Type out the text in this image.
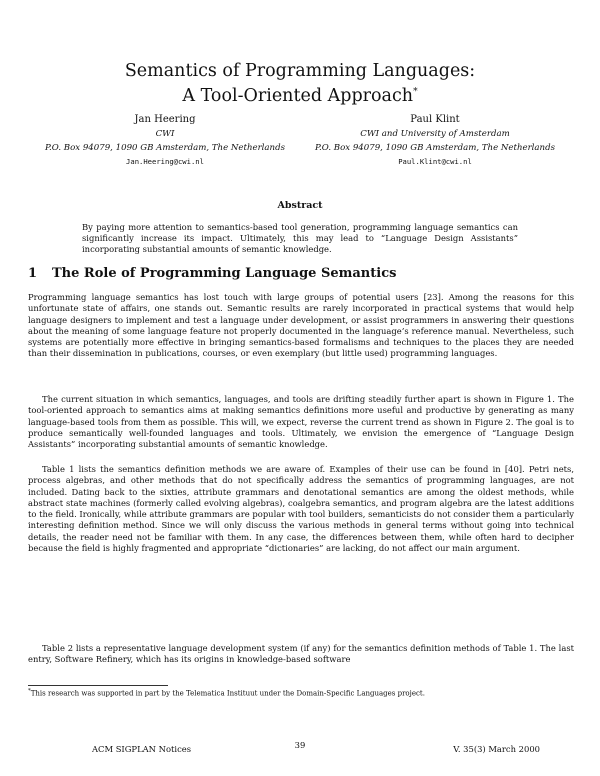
Semantics of Programming Languages:
A Tool-Oriented Approach*
Jan Heering
CWI
P.O. Box 94079, 1090 GB Amsterdam, The Netherlands
Jan.Heering@cwi.nl
Paul Klint
CWI and University of Amsterdam
P.O. Box 94079, 1090 GB Amsterdam, The Netherlands
Paul.Klint@cwi.nl
Abstract

By paying more attention to semantics-based tool generation, programming language semantics can significantly increase its impact. Ultimately, this may lead to “Language Design Assistants” incorporating substantial amounts of semantic knowledge.

1 The Role of Programming Language Semantics

Programming language semantics has lost touch with large groups of potential users [23]. Among the reasons for this unfortunate state of affairs, one stands out. Semantic results are rarely incorporated in practical systems that would help language designers to implement and test a language under development, or assist programmers in answering their questions about the meaning of some language feature not properly documented in the language’s reference manual. Nevertheless, such systems are potentially more effective in bringing semantics-based formalisms and techniques to the places they are needed than their dissemination in publications, courses, or even exemplary (but little used) programming languages.

The current situation in which semantics, languages, and tools are drifting steadily further apart is shown in Figure 1. The tool-oriented approach to semantics aims at making semantics definitions more useful and productive by generating as many language-based tools from them as possible. This will, we expect, reverse the current trend as shown in Figure 2. The goal is to produce semantically well-founded languages and tools. Ultimately, we envision the emergence of “Language Design Assistants” incorporating substantial amounts of semantic knowledge.

Table 1 lists the semantics definition methods we are aware of. Examples of their use can be found in [40]. Petri nets, process algebras, and other methods that do not specifically address the semantics of programming languages, are not included. Dating back to the sixties, attribute grammars and denotational semantics are among the oldest methods, while abstract state machines (formerly called evolving algebras), coalgebra semantics, and program algebra are the latest additions to the field. Ironically, while attribute grammars are popular with tool builders, semanticists do not consider them a particularly interesting definition method. Since we will only discuss the various methods in general terms without going into technical details, the reader need not be familiar with them. In any case, the differences between them, while often hard to decipher because the field is highly fragmented and appropriate “dictionaries” are lacking, do not affect our main argument.

Table 2 lists a representative language development system (if any) for the semantics definition methods of Table 1. The last entry, Software Refinery, which has its origins in knowledge-based software

*This research was supported in part by the Telematica Instituut under the Domain-Specific Languages project.
ACM SIGPLAN Notices	39	V. 35(3) March 2000
